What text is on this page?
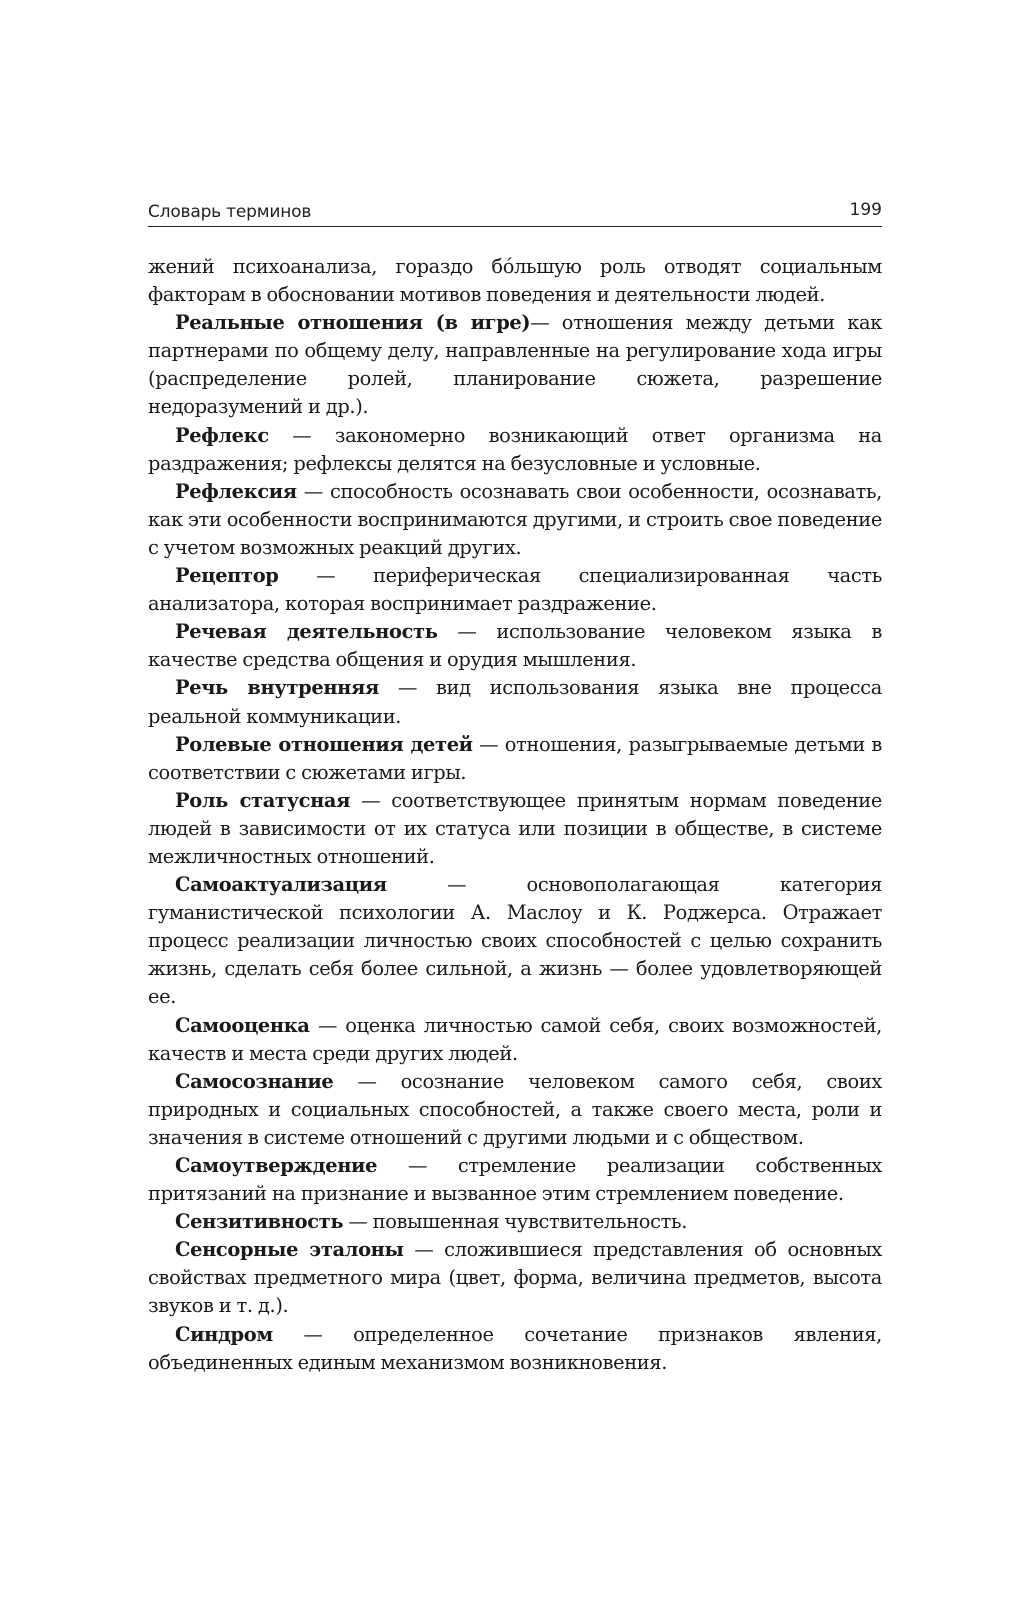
Словарь терминов	199

жений психоанализа, гораздо бóльшую роль отводят социальным факторам в обосновании мотивов поведения и деятельности людей.

Реальные отношения (в игре)— отношения между детьми как партнерами по общему делу, направленные на регулирование хода игры (распределение ролей, планирование сюжета, разрешение недоразумений и др.).

Рефлекс — закономерно возникающий ответ организма на раздражения; рефлексы делятся на безусловные и условные.

Рефлексия — способность осознавать свои особенности, осознавать, как эти особенности воспринимаются другими, и строить свое поведение с учетом возможных реакций других.

Рецептор — периферическая специализированная часть анализатора, которая воспринимает раздражение.

Речевая деятельность — использование человеком языка в качестве средства общения и орудия мышления.

Речь внутренняя — вид использования языка вне процесса реальной коммуникации.

Ролевые отношения детей — отношения, разыгрываемые детьми в соответствии с сюжетами игры.

Роль статусная — соответствующее принятым нормам поведение людей в зависимости от их статуса или позиции в обществе, в системе межличностных отношений.

Самоактуализация — основополагающая категория гуманистической психологии А. Маслоу и К. Роджерса. Отражает процесс реализации личностью своих способностей с целью сохранить жизнь, сделать себя более сильной, а жизнь — более удовлетворяющей ее.

Самооценка — оценка личностью самой себя, своих возможностей, качеств и места среди других людей.

Самосознание — осознание человеком самого себя, своих природных и социальных способностей, а также своего места, роли и значения в системе отношений с другими людьми и с обществом.

Самоутверждение — стремление реализации собственных притязаний на признание и вызванное этим стремлением поведение.

Сензитивность — повышенная чувствительность.

Сенсорные эталоны — сложившиеся представления об основных свойствах предметного мира (цвет, форма, величина предметов, высота звуков и т. д.).

Синдром — определенное сочетание признаков явления, объединенных единым механизмом возникновения.
